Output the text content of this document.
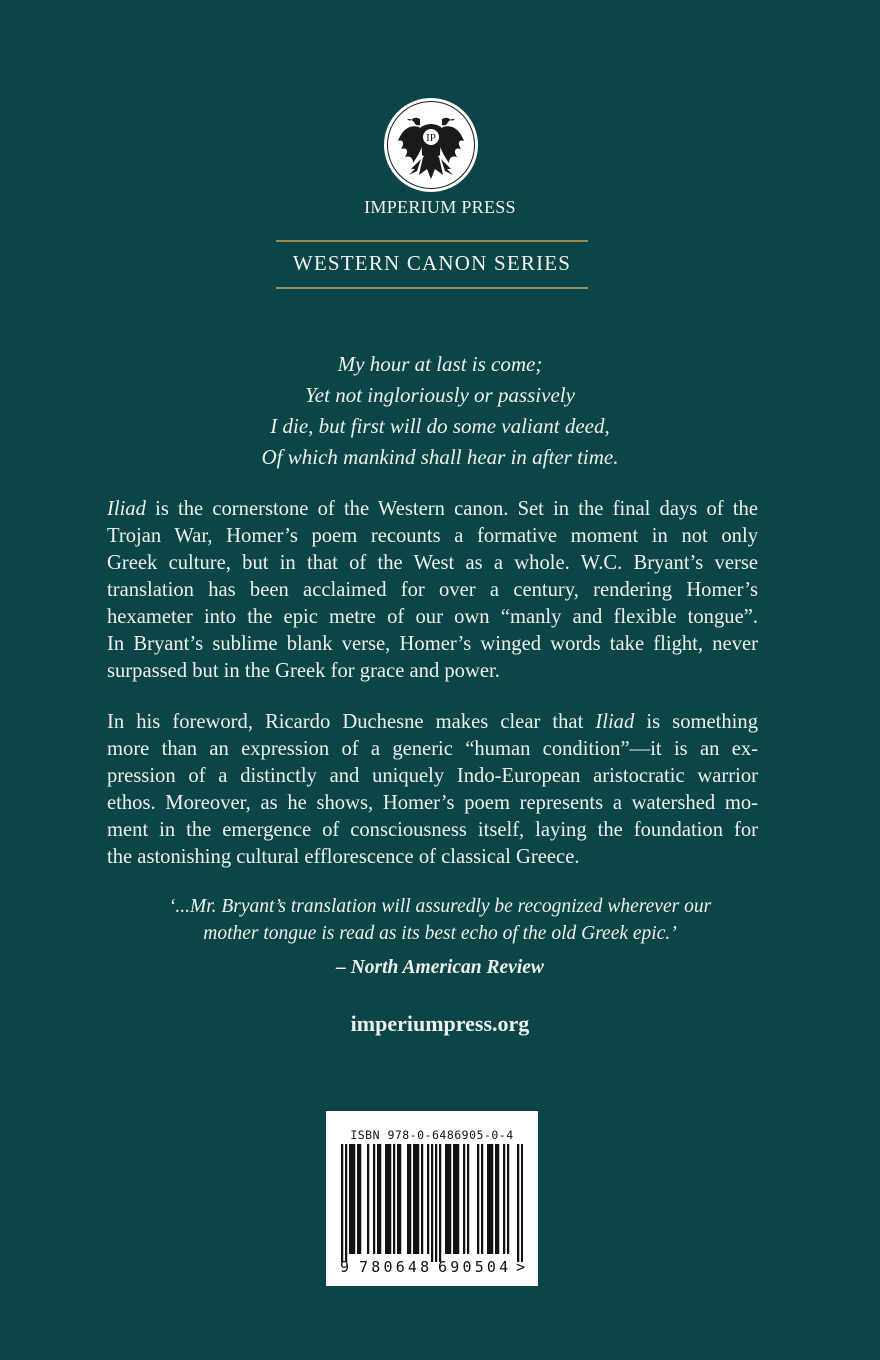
IP
IMPERIUM PRESS
WESTERN CANON SERIES
My hour at last is come;
Yet not ingloriously or passively
I die, but first will do some valiant deed,
Of which mankind shall hear in after time.
Iliad is the cornerstone of the Western canon. Set in the final days of the
Trojan War, Homer’s poem recounts a formative moment in not only
Greek culture, but in that of the West as a whole. W.C. Bryant’s verse
translation has been acclaimed for over a century, rendering Homer’s
hexameter into the epic metre of our own “manly and flexible tongue”.
In Bryant’s sublime blank verse, Homer’s winged words take flight, never
surpassed but in the Greek for grace and power.
In his foreword, Ricardo Duchesne makes clear that Iliad is something
more than an expression of a generic “human condition”—it is an ex-
pression of a distinctly and uniquely Indo-European aristocratic warrior
ethos. Moreover, as he shows, Homer’s poem represents a watershed mo-
ment in the emergence of consciousness itself, laying the foundation for
the astonishing cultural efflorescence of classical Greece.
‘...Mr. Bryant’s translation will assuredly be recognized wherever our
mother tongue is read as its best echo of the old Greek epic.’
– North American Review
imperiumpress.org
ISBN 978-0-6486905-0-4
9 780648 690504 >
